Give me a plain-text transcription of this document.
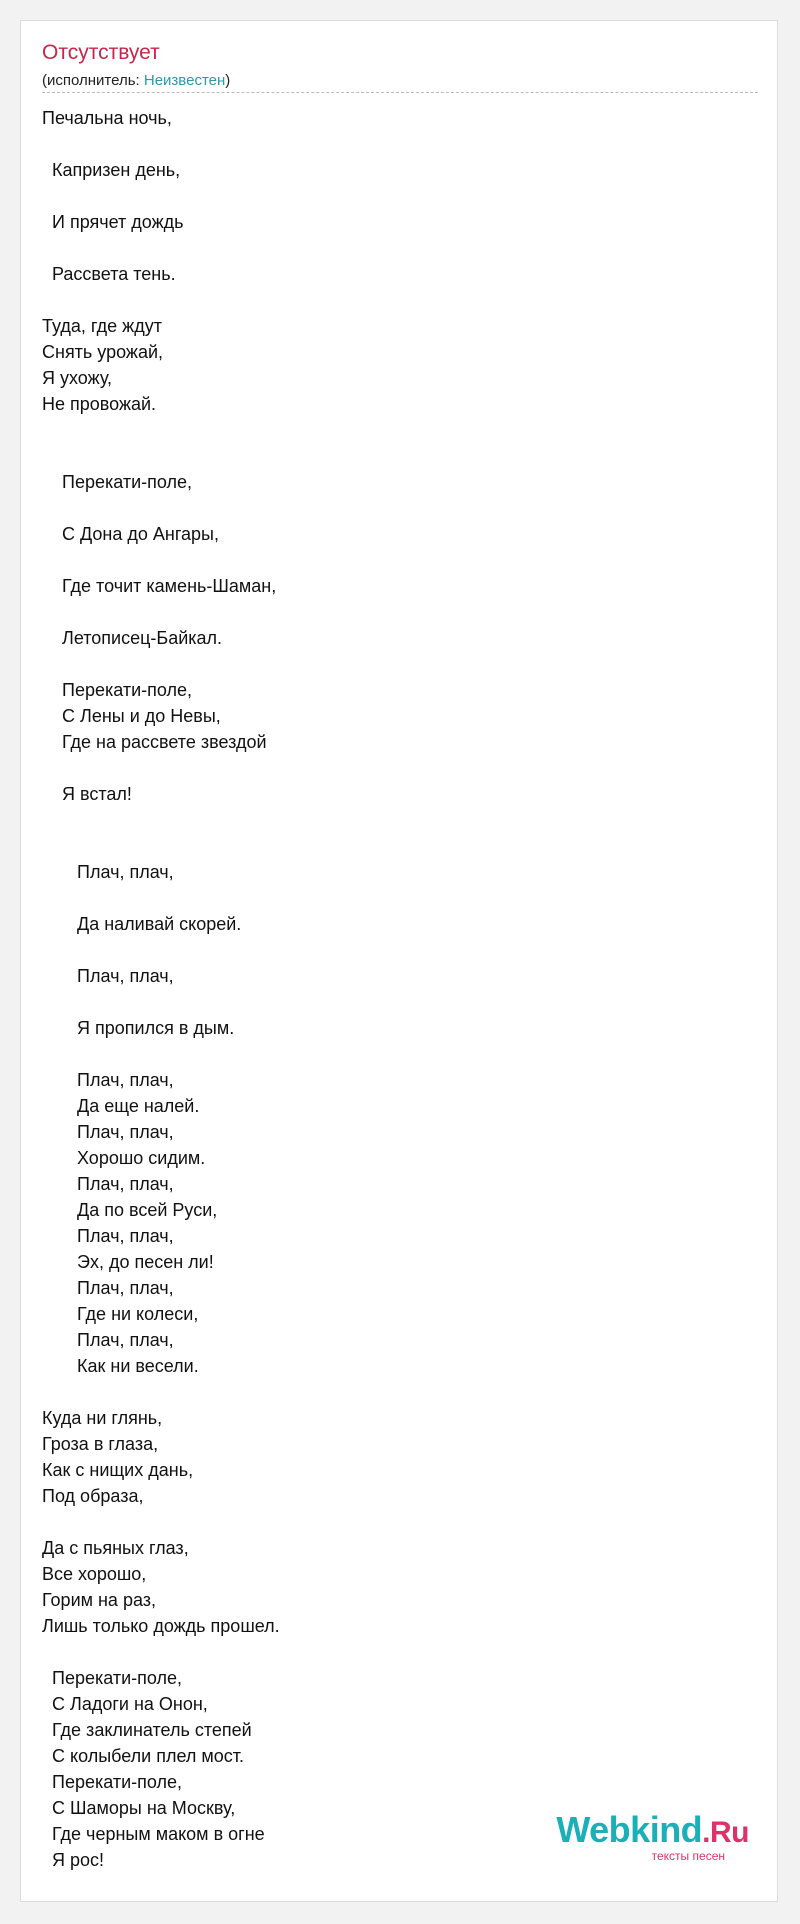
Отсутствует
(исполнитель: Неизвестен)
Печальна ночь,

Капризен день,

И прячет дождь

Рассвета тень.

Туда, где ждут
Снять урожай,
Я ухожу,
Не провожай.

Перекати-поле,

С Дона до Ангары,

Где точит камень-Шаман,

Летописец-Байкал.

Перекати-поле,
С Лены и до Невы,
Где на рассвете звездой

Я встал!

Плач, плач,

Да наливай скорей.

Плач, плач,

Я пропился в дым.

Плач, плач,
Да еще налей.
Плач, плач,
Хорошо сидим.
Плач, плач,
Да по всей Руси,
Плач, плач,
Эх, до песен ли!
Плач, плач,
Где ни колеси,
Плач, плач,
Как ни весели.

Куда ни глянь,
Гроза в глаза,
Как с нищих дань,
Под образа,

Да с пьяных глаз,
Все хорошо,
Горим на раз,
Лишь только дождь прошел.

Перекати-поле,
С Ладоги на Онон,
Где заклинатель степей
С колыбели плел мост.
Перекати-поле,
С Шаморы на Москву,
Где черным маком в огне
Я рос!
Webkind.Ru
тексты песен
